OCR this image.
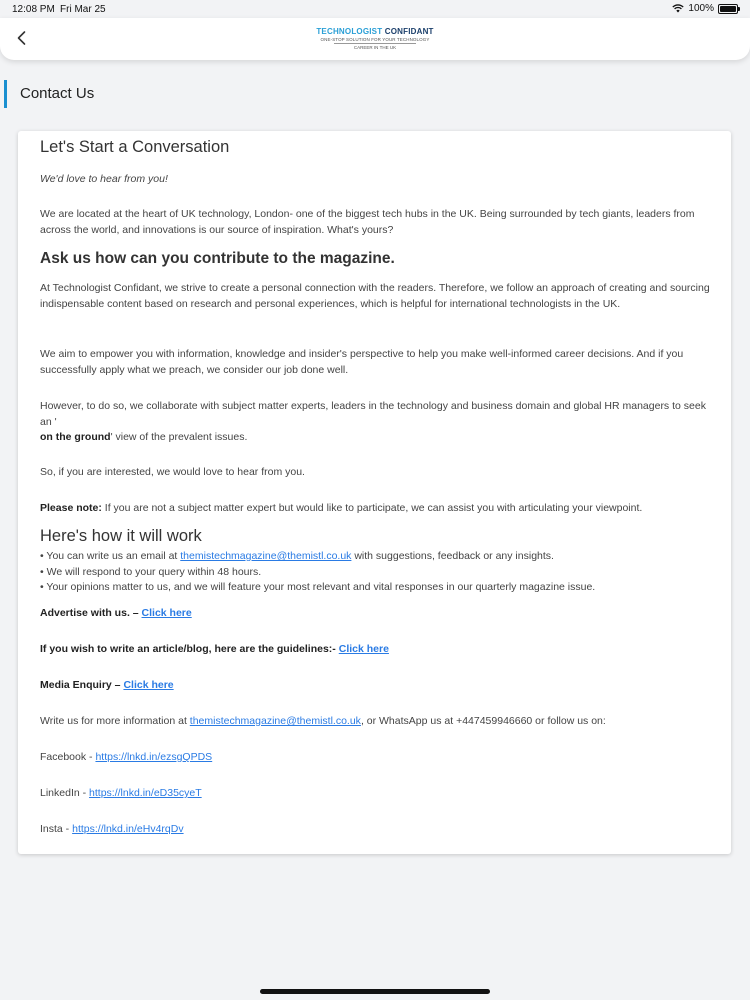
12:08 PM Fri Mar 25	100%
TECHNOLOGIST CONFIDANT
ONE-STOP SOLUTION FOR YOUR TECHNOLOGY
CAREER IN THE UK
Contact Us
Let's Start a Conversation

We'd love to hear from you!

We are located at the heart of UK technology, London- one of the biggest tech hubs in the UK. Being surrounded by tech giants, leaders from across the world, and innovations is our source of inspiration. What's yours?

Ask us how can you contribute to the magazine.

At Technologist Confidant, we strive to create a personal connection with the readers. Therefore, we follow an approach of creating and sourcing indispensable content based on research and personal experiences, which is helpful for international technologists in the UK.

We aim to empower you with information, knowledge and insider's perspective to help you make well-informed career decisions. And if you successfully apply what we preach, we consider our job done well.

However, to do so, we collaborate with subject matter experts, leaders in the technology and business domain and global HR managers to seek an '
on the ground' view of the prevalent issues.

So, if you are interested, we would love to hear from you.

Please note: If you are not a subject matter expert but would like to participate, we can assist you with articulating your viewpoint.

Here's how it will work
• You can write us an email at themistechmagazine@themistl.co.uk with suggestions, feedback or any insights.
• We will respond to your query within 48 hours.
• Your opinions matter to us, and we will feature your most relevant and vital responses in our quarterly magazine issue.

Advertise with us. – Click here

If you wish to write an article/blog, here are the guidelines:- Click here

Media Enquiry – Click here

Write us for more information at themistechmagazine@themistl.co.uk, or WhatsApp us at +447459946660 or follow us on:

Facebook - https://lnkd.in/ezsgQPDS

LinkedIn - https://lnkd.in/eD35cyeT

Insta - https://lnkd.in/eHv4rqDv
